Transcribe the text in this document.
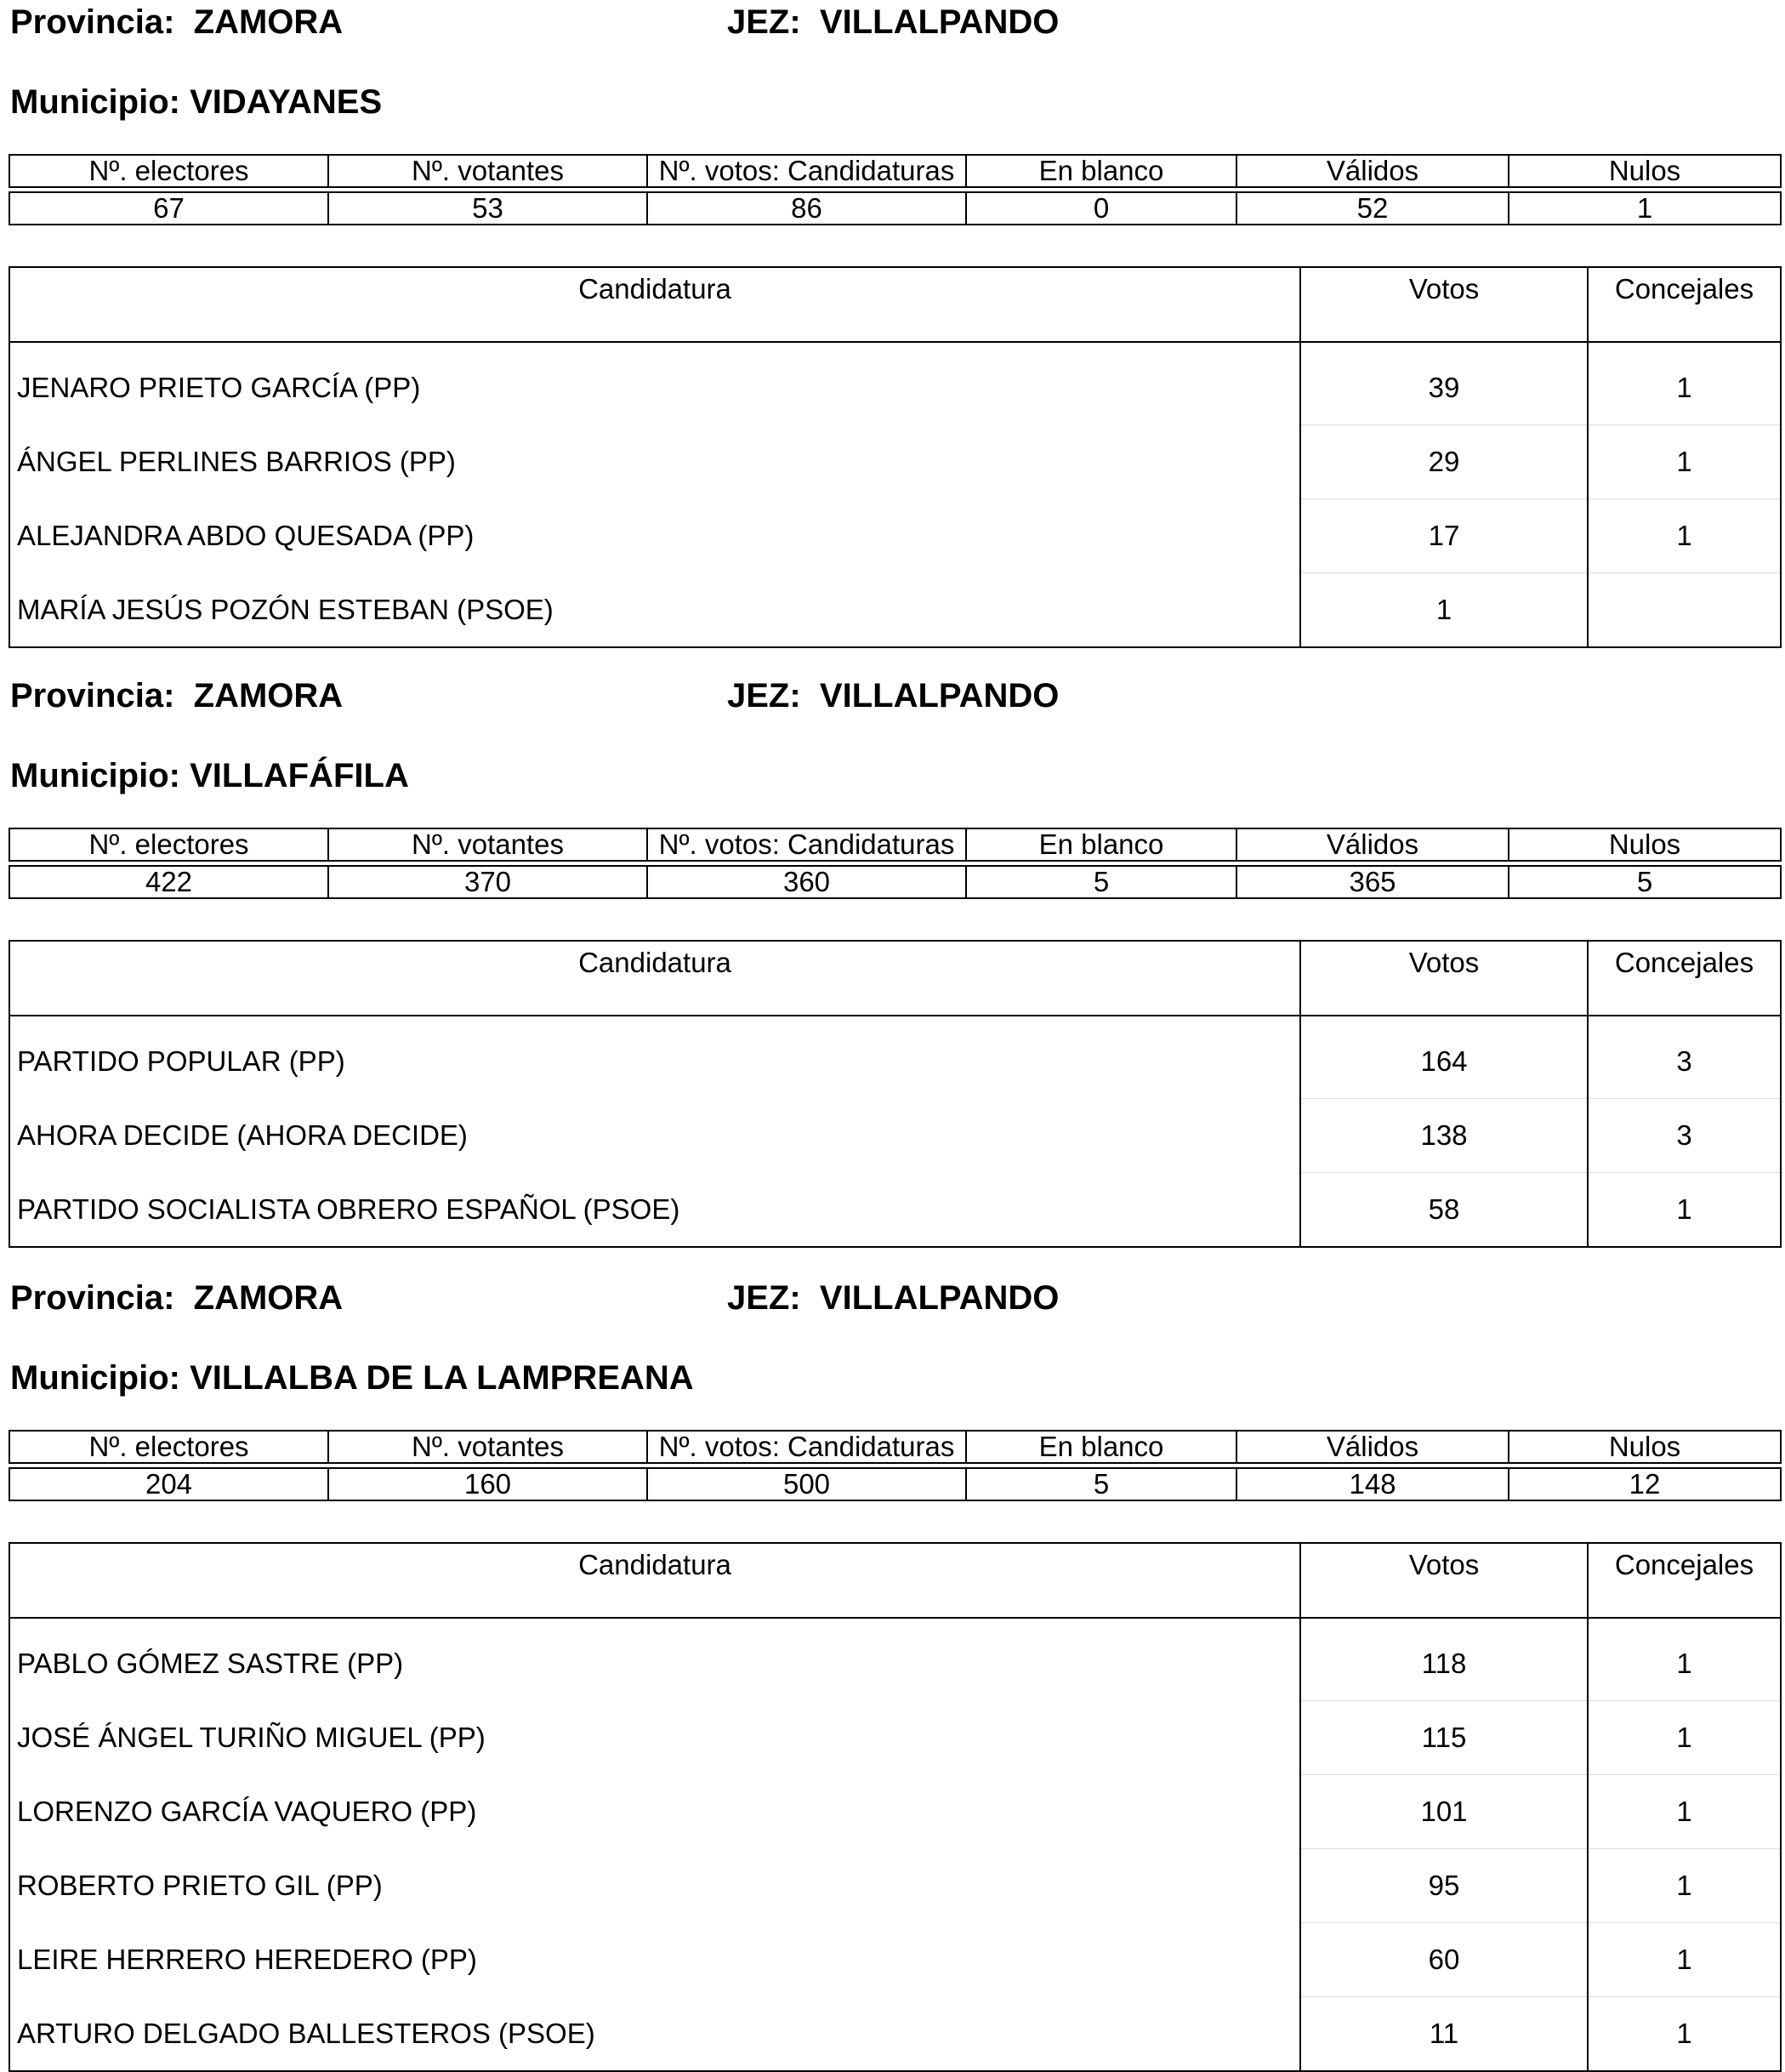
Provincia: ZAMORA	JEZ: VILLALPANDO
Municipio: VIDAYANES
Nº. electores	Nº. votantes	Nº. votos: Candidaturas	En blanco	Válidos	Nulos

67	53	86	0	52	1
Candidatura	Votos	Concejales
JENARO PRIETO GARCÍA (PP)	39	1
ÁNGEL PERLINES BARRIOS (PP)	29	1
ALEJANDRA ABDO QUESADA (PP)	17	1
MARÍA JESÚS POZÓN ESTEBAN (PSOE)	1	
Provincia: ZAMORA	JEZ: VILLALPANDO
Municipio: VILLAFÁFILA
Nº. electores	Nº. votantes	Nº. votos: Candidaturas	En blanco	Válidos	Nulos

422	370	360	5	365	5
Candidatura	Votos	Concejales
PARTIDO POPULAR (PP)	164	3
AHORA DECIDE (AHORA DECIDE)	138	3
PARTIDO SOCIALISTA OBRERO ESPAÑOL (PSOE)	58	1
Provincia: ZAMORA	JEZ: VILLALPANDO
Municipio: VILLALBA DE LA LAMPREANA
Nº. electores	Nº. votantes	Nº. votos: Candidaturas	En blanco	Válidos	Nulos

204	160	500	5	148	12
Candidatura	Votos	Concejales
PABLO GÓMEZ SASTRE (PP)	118	1
JOSÉ ÁNGEL TURIÑO MIGUEL (PP)	115	1
LORENZO GARCÍA VAQUERO (PP)	101	1
ROBERTO PRIETO GIL (PP)	95	1
LEIRE HERRERO HEREDERO (PP)	60	1
ARTURO DELGADO BALLESTEROS (PSOE)	11	1
